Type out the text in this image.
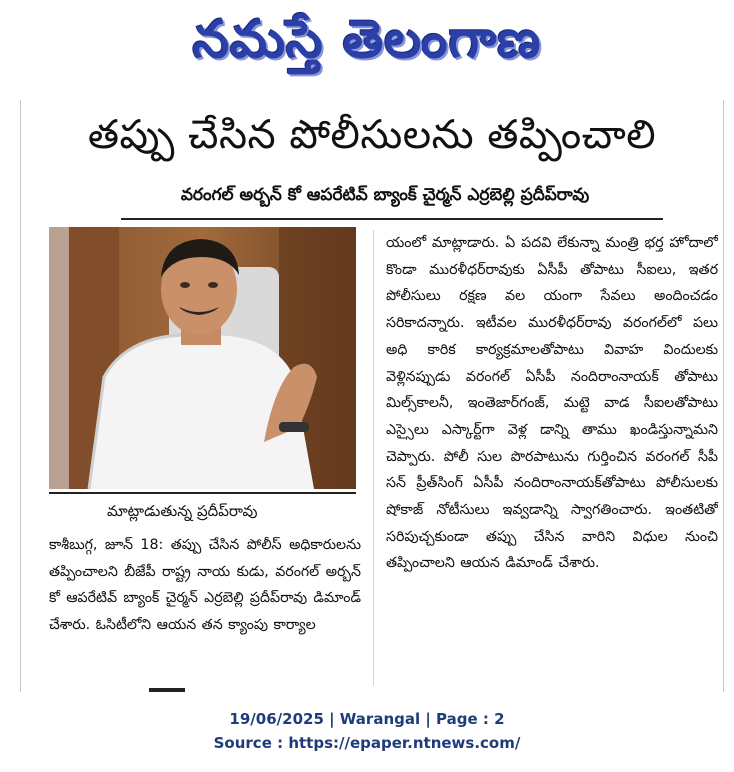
నమస్తే తెలంగాణ
తప్పు చేసిన పోలీసులను తప్పించాలి
వరంగల్ అర్బన్ కో ఆపరేటివ్ బ్యాంక్ చైర్మన్ ఎర్రబెల్లి ప్రదీప్‌రావు
మాట్లాడుతున్న ప్రదీప్‌రావు
కాశీబుగ్గ, జూన్ 18: తప్పు చేసిన పోలీస్ అధికారులను తప్పించాలని బీజేపీ రాష్ట్ర నాయ కుడు, వరంగల్ అర్బన్ కో ఆపరేటివ్ బ్యాంక్ చైర్మన్ ఎర్రబెల్లి ప్రదీప్‌రావు డిమాండ్ చేశారు. ఓసిటీలోని ఆయన తన క్యాంపు కార్యాల
యంలో మాట్లాడారు. ఏ పదవి లేకున్నా మంత్రి భర్త హోదాలో కొండా మురళీధర్‌రావుకు ఏసీపీ తోపాటు సీఐలు, ఇతర పోలీసులు రక్షణ వల యంగా సేవలు అందించడం సరికాదన్నారు. ఇటీవల మురళీధర్‌రావు వరంగల్‌లో పలు అధి కారిక కార్యక్రమాలతోపాటు వివాహ విందులకు వెళ్లినప్పుడు వరంగల్ ఏసీపీ నందిరాంనాయక్ తోపాటు మిల్స్‌కాలనీ, ఇంతెజార్‌గంజ్, మట్టె వాడ సీఐలతోపాటు ఎస్సైలు ఎస్కార్ట్‌గా వెళ్ల డాన్ని తాము ఖండిస్తున్నామని చెప్పారు. పోలీ సుల పొరపాటును గుర్తించిన వరంగల్ సీపీ సన్ ప్రీత్‌సింగ్ ఏసీపీ నందిరాంనాయక్‌తోపాటు పోలీసులకు షోకాజ్ నోటీసులు ఇవ్వడాన్ని స్వాగతించారు. ఇంతటితో సరిపుచ్చకుండా తప్పు చేసిన వారిని విధుల నుంచి తప్పించాలని ఆయన డిమాండ్ చేశారు.
19/06/2025 | Warangal | Page : 2
Source : https://epaper.ntnews.com/
